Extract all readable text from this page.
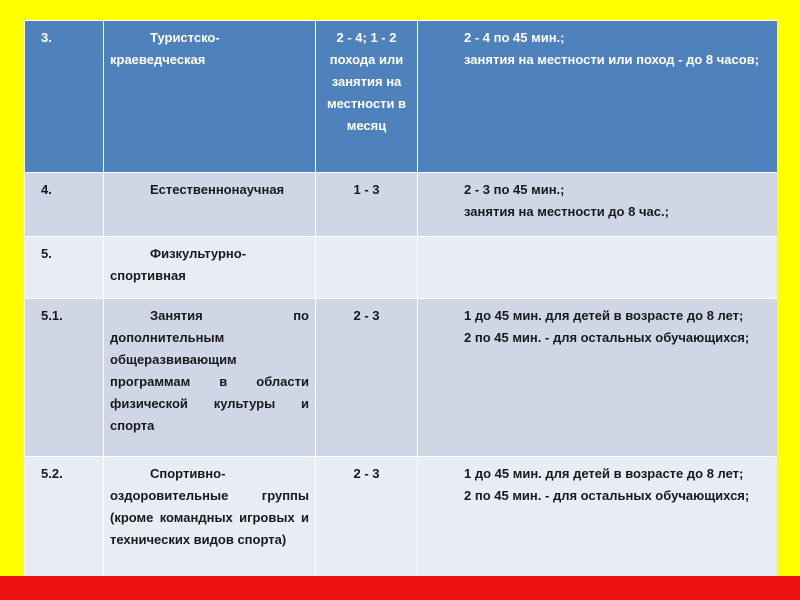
3.	Туристско-краеведческая	2 - 4; 1 - 2 похода или занятия на местности в месяц	2 - 4 по 45 мин.;
занятия на местности или поход - до 8 часов;

4.	Естественнонаучная	1 - 3	2 - 3 по 45 мин.;
занятия на местности до 8 час.;

5.	Физкультурно-спортивная		
5.1.	Занятия по дополнительным общеразвивающим программам в области физической культуры и спорта	2 - 3	1 до 45 мин. для детей в возрасте до 8 лет;
2 по 45 мин. - для остальных обучающихся;

5.2.	Спортивно-оздоровительные группы (кроме командных игровых и технических видов спорта)	2 - 3	1 до 45 мин. для детей в возрасте до 8 лет;
2 по 45 мин. - для остальных обучающихся;
